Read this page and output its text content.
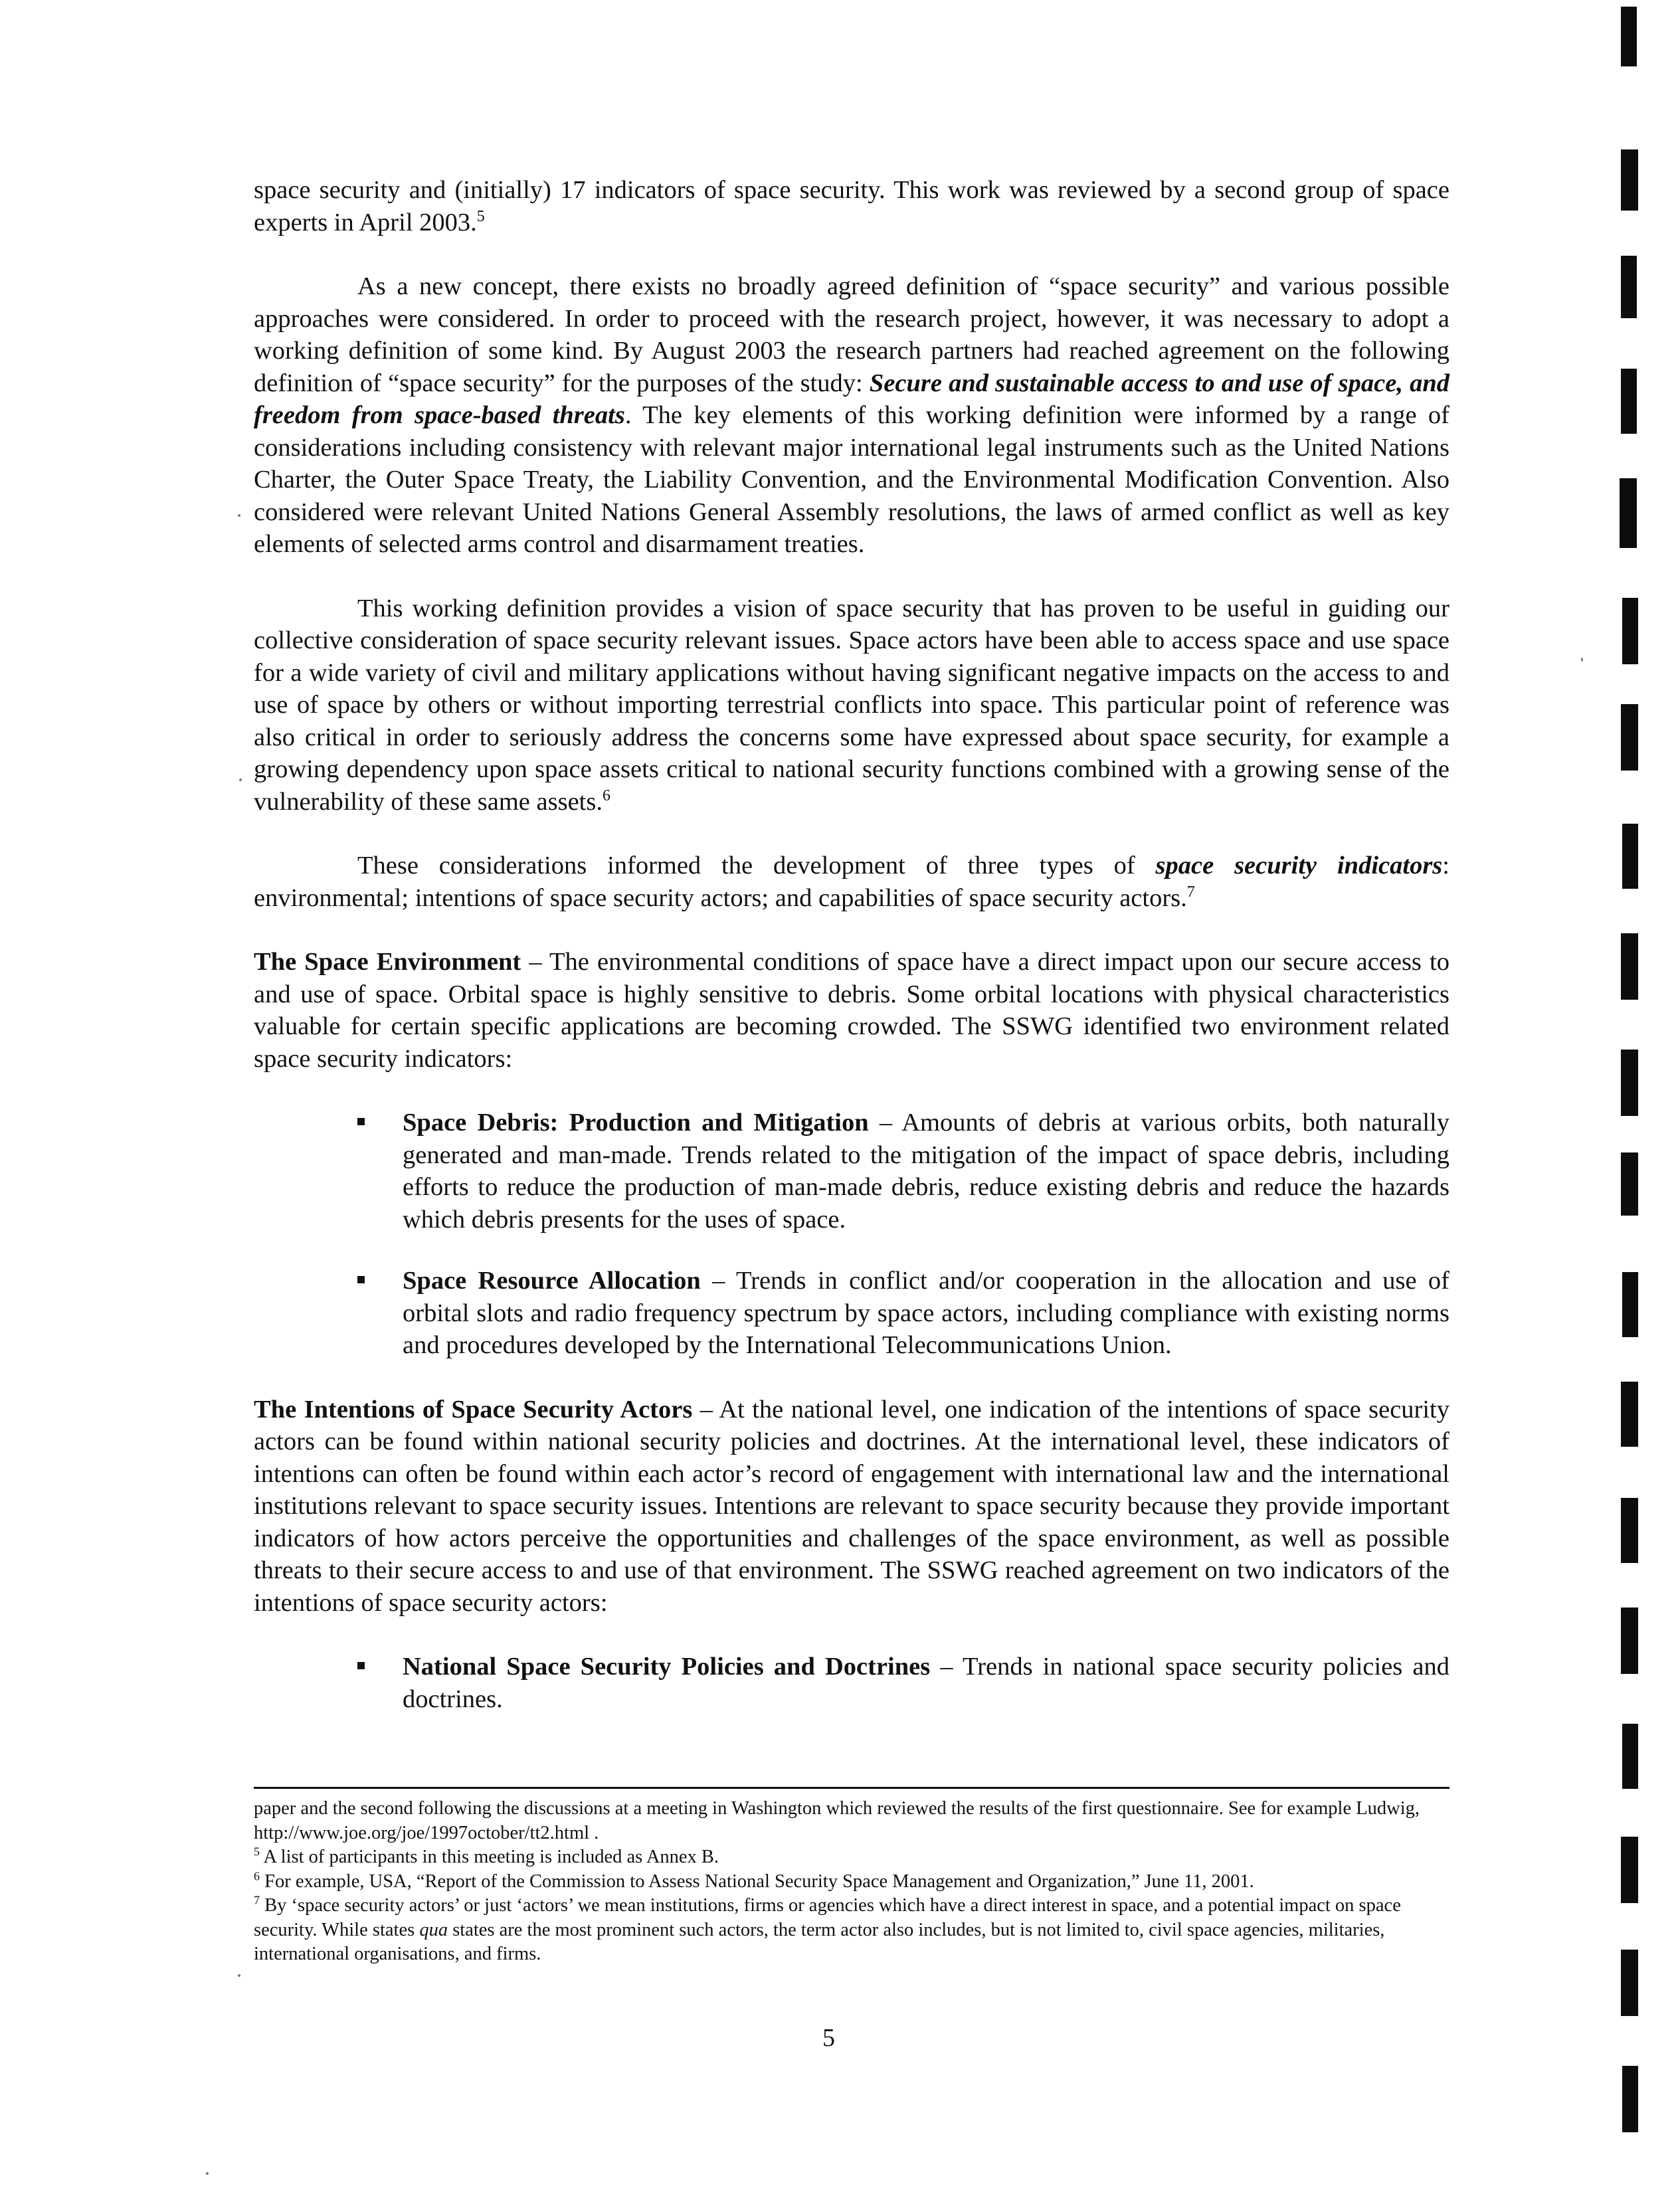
space security and (initially) 17 indicators of space security. This work was reviewed by a second group of space experts in April 2003.$^5$

As a new concept, there exists no broadly agreed definition of “space security” and various possible approaches were considered. In order to proceed with the research project, however, it was necessary to adopt a working definition of some kind. By August 2003 the research partners had reached agreement on the following definition of “space security” for the purposes of the study: Secure and sustainable access to and use of space, and freedom from space-based threats. The key elements of this working definition were informed by a range of considerations including consistency with relevant major international legal instruments such as the United Nations Charter, the Outer Space Treaty, the Liability Convention, and the Environmental Modification Convention. Also considered were relevant United Nations General Assembly resolutions, the laws of armed conflict as well as key elements of selected arms control and disarmament treaties.

This working definition provides a vision of space security that has proven to be useful in guiding our collective consideration of space security relevant issues. Space actors have been able to access space and use space for a wide variety of civil and military applications without having significant negative impacts on the access to and use of space by others or without importing terrestrial conflicts into space. This particular point of reference was also critical in order to seriously address the concerns some have expressed about space security, for example a growing dependency upon space assets critical to national security functions combined with a growing sense of the vulnerability of these same assets.$^6$

These considerations informed the development of three types of space security indicators: environmental; intentions of space security actors; and capabilities of space security actors.$^7$

The Space Environment – The environmental conditions of space have a direct impact upon our secure access to and use of space. Orbital space is highly sensitive to debris. Some orbital locations with physical characteristics valuable for certain specific applications are becoming crowded. The SSWG identified two environment related space security indicators:

Space Debris: Production and Mitigation – Amounts of debris at various orbits, both naturally generated and man-made. Trends related to the mitigation of the impact of space debris, including efforts to reduce the production of man-made debris, reduce existing debris and reduce the hazards which debris presents for the uses of space.
Space Resource Allocation – Trends in conflict and/or cooperation in the allocation and use of orbital slots and radio frequency spectrum by space actors, including compliance with existing norms and procedures developed by the International Telecommunications Union.

The Intentions of Space Security Actors – At the national level, one indication of the intentions of space security actors can be found within national security policies and doctrines. At the international level, these indicators of intentions can often be found within each actor’s record of engagement with international law and the international institutions relevant to space security issues. Intentions are relevant to space security because they provide important indicators of how actors perceive the opportunities and challenges of the space environment, as well as possible threats to their secure access to and use of that environment. The SSWG reached agreement on two indicators of the intentions of space security actors:

National Space Security Policies and Doctrines – Trends in national space security policies and doctrines.

paper and the second following the discussions at a meeting in Washington which reviewed the results of the first questionnaire. See for example Ludwig, http://www.joe.org/joe/1997october/tt2.html .

$^5$ A list of participants in this meeting is included as Annex B.

$^6$ For example, USA, “Report of the Commission to Assess National Security Space Management and Organization,” June 11, 2001.

$^7$ By ‘space security actors’ or just ‘actors’ we mean institutions, firms or agencies which have a direct interest in space, and a potential impact on space security. While states qua states are the most prominent such actors, the term actor also includes, but is not limited to, civil space agencies, militaries, international organisations, and firms.

5
